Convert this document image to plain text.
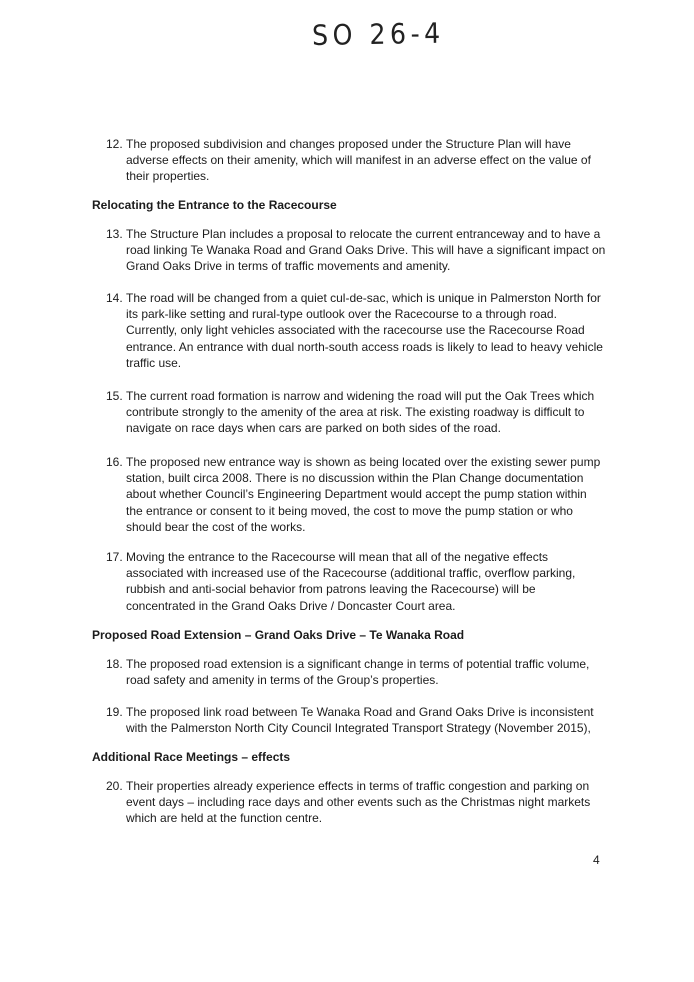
SO 26-4
12. The proposed subdivision and changes proposed under the Structure Plan will have adverse effects on their amenity, which will manifest in an adverse effect on the value of their properties.
Relocating the Entrance to the Racecourse
13. The Structure Plan includes a proposal to relocate the current entranceway and to have a road linking Te Wanaka Road and Grand Oaks Drive. This will have a significant impact on Grand Oaks Drive in terms of traffic movements and amenity.
14. The road will be changed from a quiet cul-de-sac, which is unique in Palmerston North for its park-like setting and rural-type outlook over the Racecourse to a through road. Currently, only light vehicles associated with the racecourse use the Racecourse Road entrance. An entrance with dual north-south access roads is likely to lead to heavy vehicle traffic use.
15. The current road formation is narrow and widening the road will put the Oak Trees which contribute strongly to the amenity of the area at risk. The existing roadway is difficult to navigate on race days when cars are parked on both sides of the road.
16. The proposed new entrance way is shown as being located over the existing sewer pump station, built circa 2008. There is no discussion within the Plan Change documentation about whether Council’s Engineering Department would accept the pump station within the entrance or consent to it being moved, the cost to move the pump station or who should bear the cost of the works.
17. Moving the entrance to the Racecourse will mean that all of the negative effects associated with increased use of the Racecourse (additional traffic, overflow parking, rubbish and anti-social behavior from patrons leaving the Racecourse) will be concentrated in the Grand Oaks Drive / Doncaster Court area.
Proposed Road Extension – Grand Oaks Drive – Te Wanaka Road
18. The proposed road extension is a significant change in terms of potential traffic volume, road safety and amenity in terms of the Group’s properties.
19. The proposed link road between Te Wanaka Road and Grand Oaks Drive is inconsistent with the Palmerston North City Council Integrated Transport Strategy (November 2015),
Additional Race Meetings – effects
20. Their properties already experience effects in terms of traffic congestion and parking on event days – including race days and other events such as the Christmas night markets which are held at the function centre.
4
